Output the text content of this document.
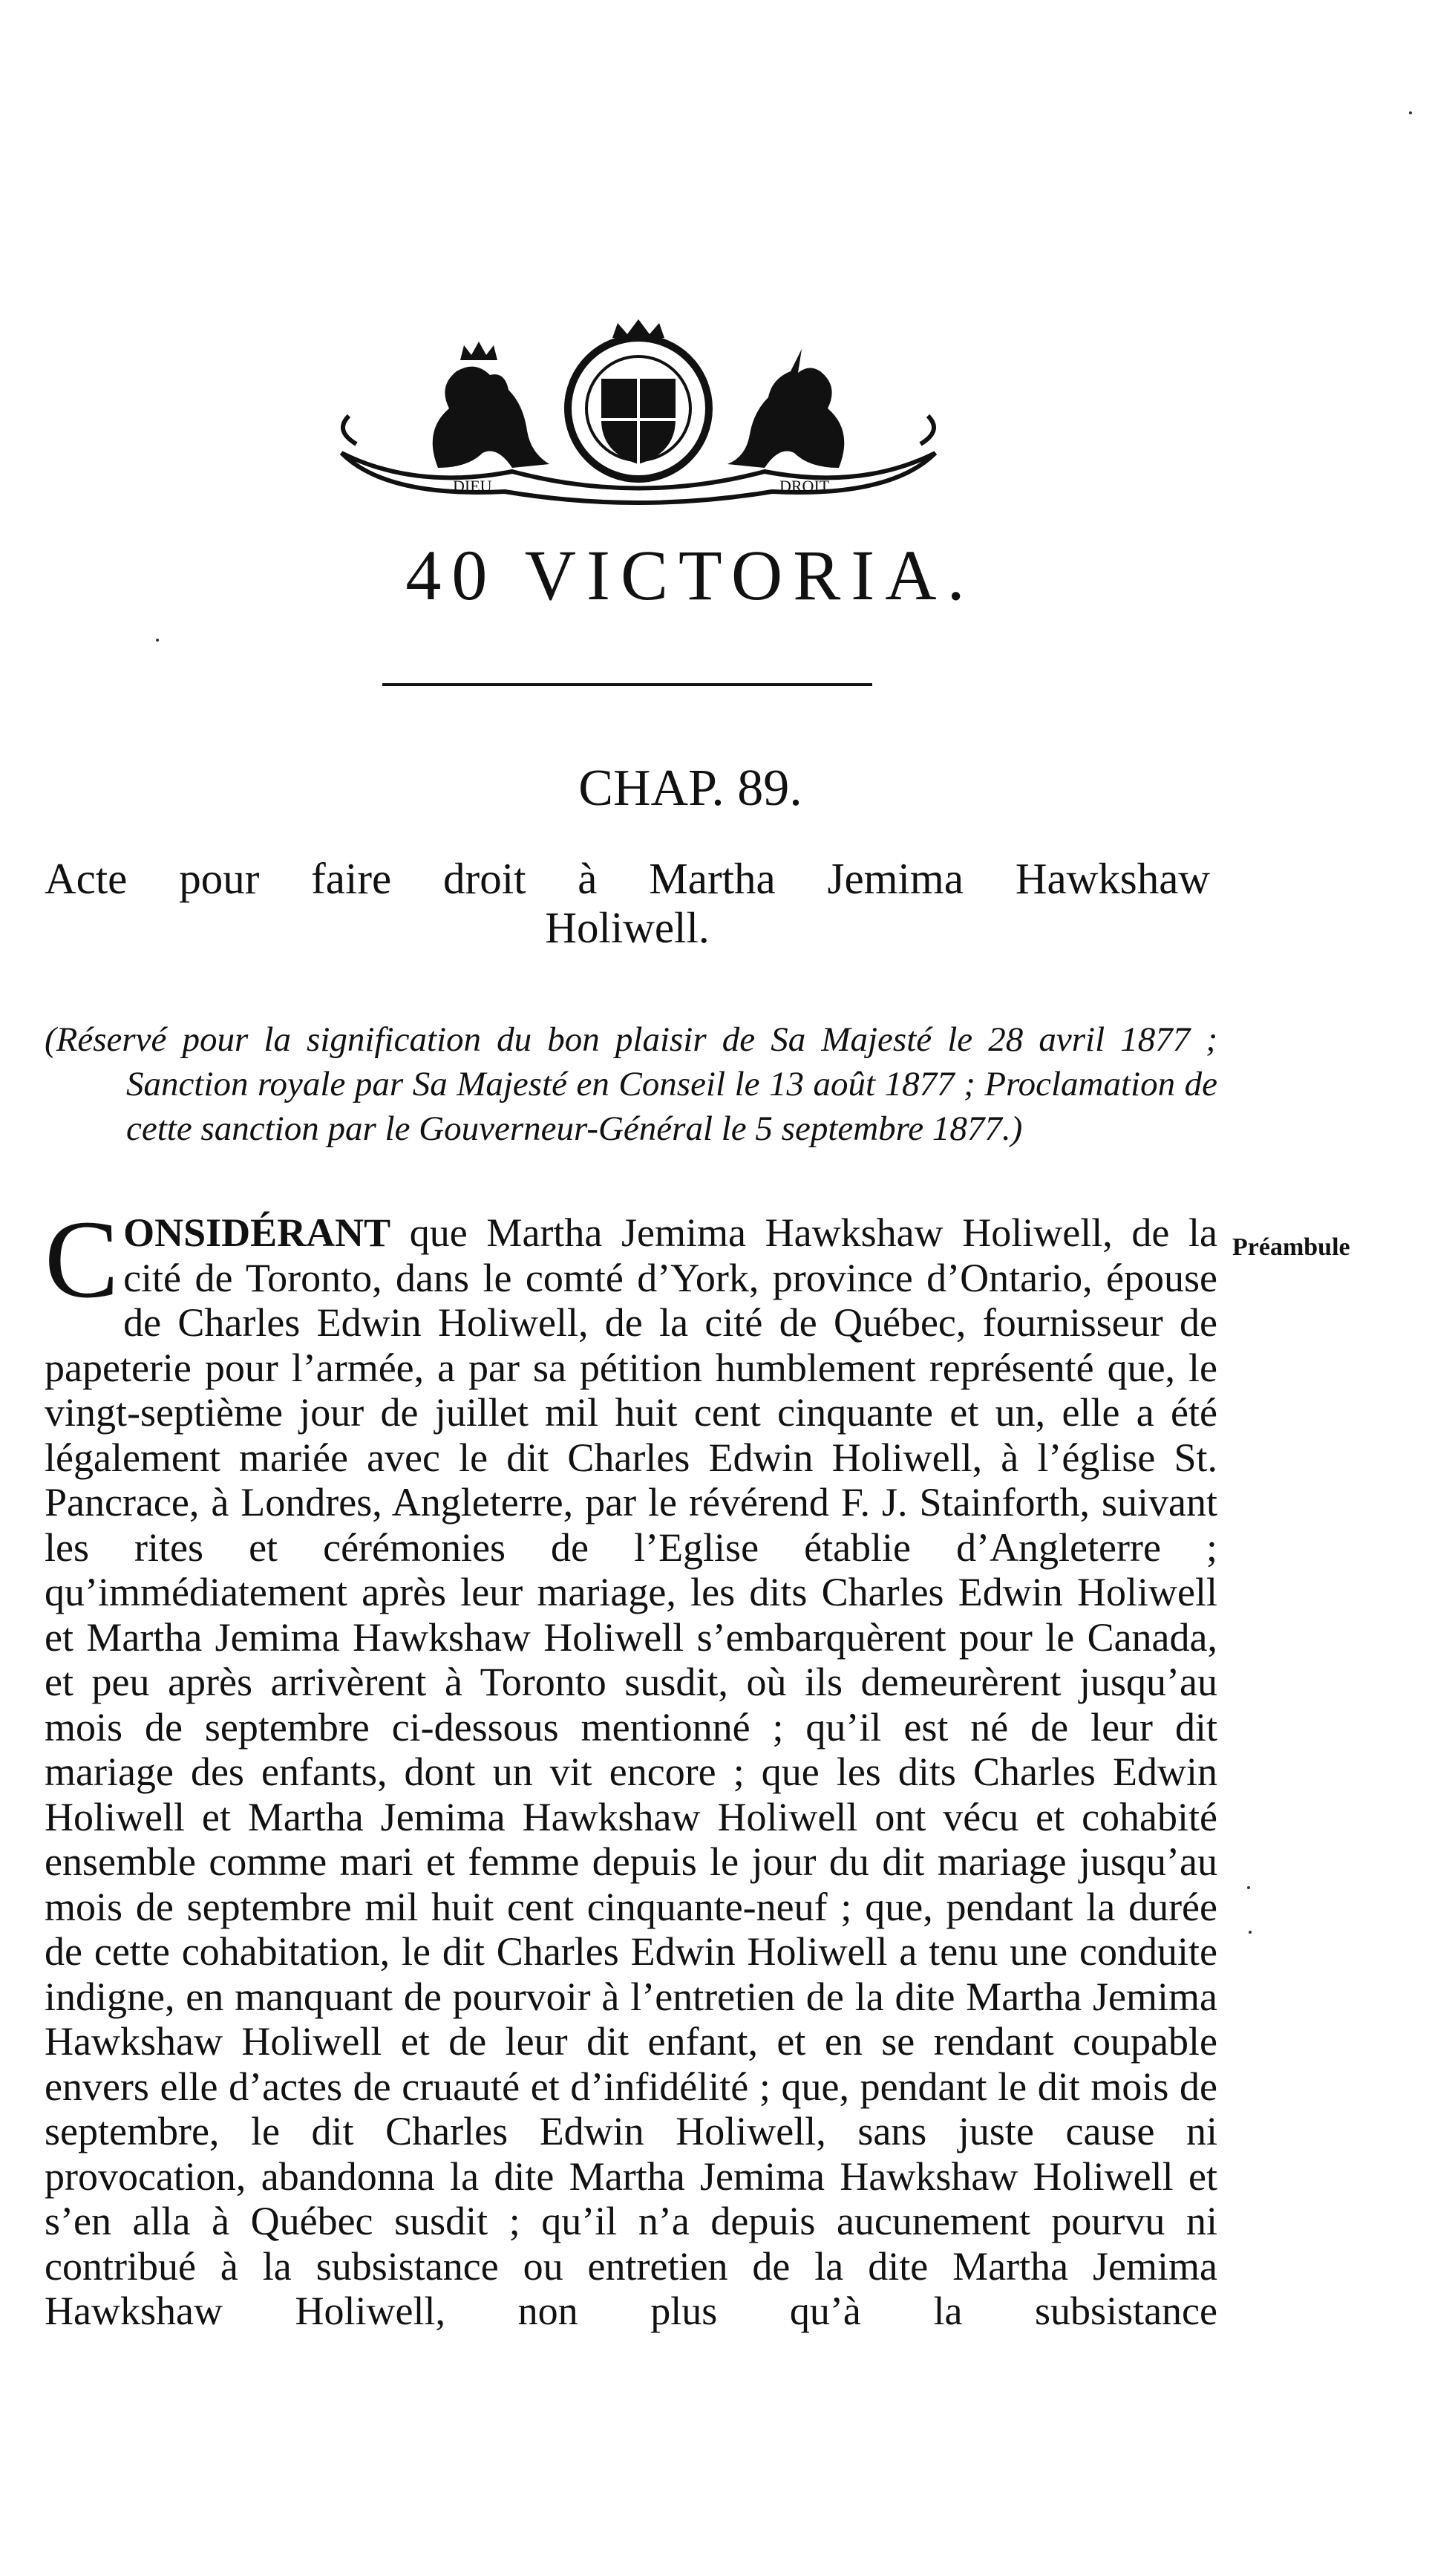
DIEU	DROIT
40 VICTORIA.
CHAP. 89.
Acte pour faire droit à Martha Jemima Hawkshaw
Holiwell.
(Réservé pour la signification du bon plaisir de Sa Majesté le 28 avril 1877 ; Sanction royale par Sa Majesté en Conseil le 13 août 1877 ; Proclamation de cette sanction par le Gouverneur-Général le 5 septembre 1877.)
CONSIDÉRANT que Martha Jemima Hawkshaw Holiwell, de la cité de Toronto, dans le comté d’York, province d’Ontario, épouse de Charles Edwin Holiwell, de la cité de Québec, fournisseur de papeterie pour l’armée, a par sa pétition humblement représenté que, le vingt-septième jour de juillet mil huit cent cinquante et un, elle a été légalement mariée avec le dit Charles Edwin Holiwell, à l’église St. Pancrace, à Londres, Angleterre, par le révérend F. J. Stainforth, suivant les rites et cérémonies de l’Eglise établie d’Angleterre ; qu’immédiatement après leur mariage, les dits Charles Edwin Holiwell et Martha Jemima Hawkshaw Holiwell s’embarquèrent pour le Canada, et peu après arrivèrent à Toronto susdit, où ils demeurèrent jusqu’au mois de septembre ci-dessous mentionné ; qu’il est né de leur dit mariage des enfants, dont un vit encore ; que les dits Charles Edwin Holiwell et Martha Jemima Hawkshaw Holiwell ont vécu et cohabité ensemble comme mari et femme depuis le jour du dit mariage jusqu’au mois de septembre mil huit cent cinquante-neuf ; que, pendant la durée de cette cohabitation, le dit Charles Edwin Holiwell a tenu une conduite indigne, en manquant de pourvoir à l’entretien de la dite Martha Jemima Hawkshaw Holiwell et de leur dit enfant, et en se rendant coupable envers elle d’actes de cruauté et d’infidélité ; que, pendant le dit mois de septembre, le dit Charles Edwin Holiwell, sans juste cause ni provocation, abandonna la dite Martha Jemima Hawkshaw Holiwell et s’en alla à Québec susdit ; qu’il n’a depuis aucunement pourvu ni contribué à la subsistance ou entretien de la dite Martha Jemima Hawkshaw Holiwell, non plus qu’à la subsistance
Préambule
